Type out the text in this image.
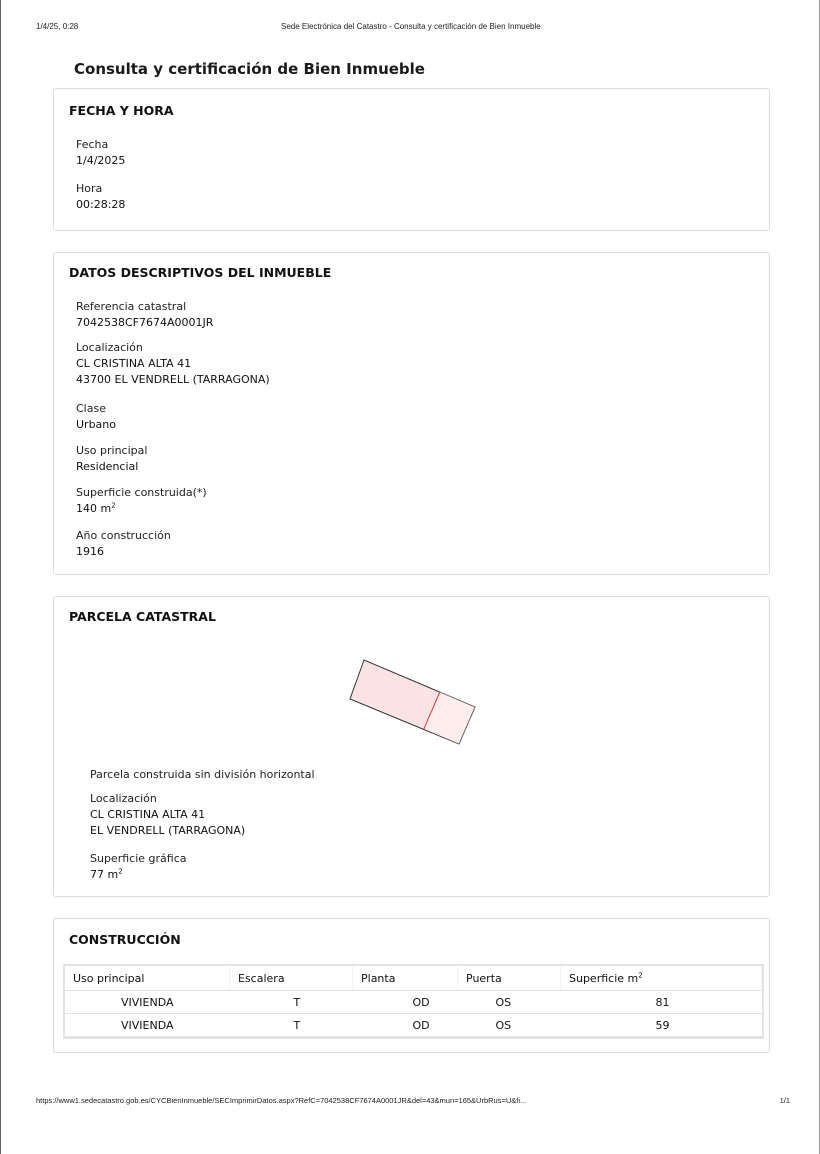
1/4/25, 0:28	Sede Electrónica del Catastro - Consulta y certificación de Bien Inmueble
Consulta y certificación de Bien Inmueble
FECHA Y HORA
Fecha
1/4/2025
Hora
00:28:28
DATOS DESCRIPTIVOS DEL INMUEBLE
Referencia catastral
7042538CF7674A0001JR
Localización
CL CRISTINA ALTA 41
43700 EL VENDRELL (TARRAGONA)
Clase
Urbano
Uso principal
Residencial
Superficie construida(*)
140 $m^2$
Año construcción
1916
PARCELA CATASTRAL
Parcela construida sin división horizontal
Localización
CL CRISTINA ALTA 41
EL VENDRELL (TARRAGONA)
Superficie gráfica
77 $m^2$
CONSTRUCCIÓN
Uso principal	Escalera	Planta	Puerta	Superficie $m^2$
VIVIENDA	T	OD	OS	81
VIVIENDA	T	OD	OS	59
https://www1.sedecatastro.gob.es/CYCBienInmueble/SECImprimirDatos.aspx?RefC=7042538CF7674A0001JR&del=43&mun=165&UrbRus=U&fi...	1/1
